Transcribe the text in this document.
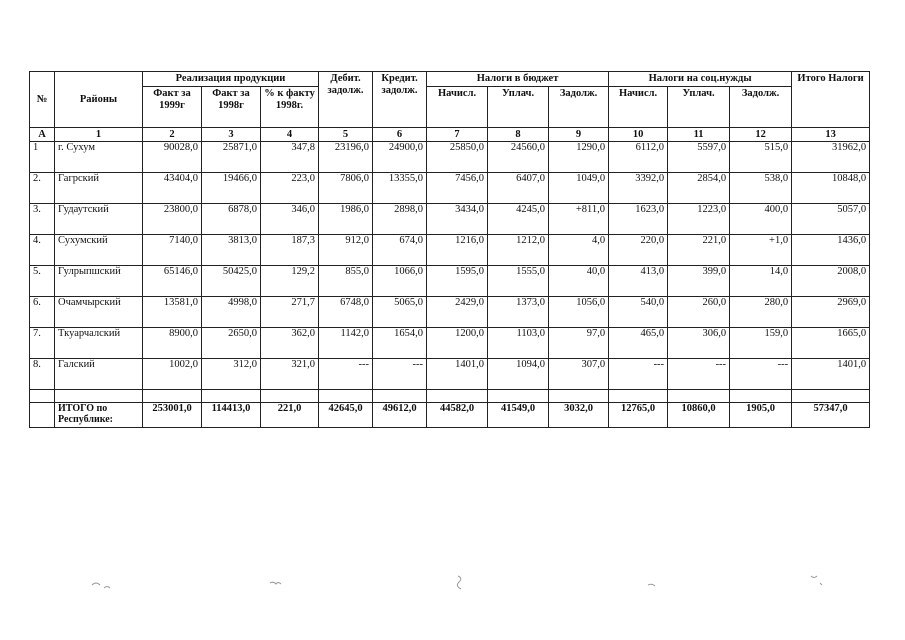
№	Районы	Реализация продукции			Дебит. задолж.	Кредит. задолж.	Налоги в бюджет			Налоги на соц.нужды			Итого Налоги
		Факт за 1999г	Факт за 1998г	% к факту 1998г.			Начисл.	Уплач.	Задолж.	Начисл.	Уплач.	Задолж.	
А	1	2	3	4	5	6	7	8	9	10	11	12	13
1	г. Сухум	90028,0	25871,0	347,8	23196,0	24900,0	25850,0	24560,0	1290,0	6112,0	5597,0	515,0	31962,0
2.	Гагрский	43404,0	19466,0	223,0	7806,0	13355,0	7456,0	6407,0	1049,0	3392,0	2854,0	538,0	10848,0
3.	Гудаутский	23800,0	6878,0	346,0	1986,0	2898,0	3434,0	4245,0	+811,0	1623,0	1223,0	400,0	5057,0
4.	Сухумский	7140,0	3813,0	187,3	912,0	674,0	1216,0	1212,0	4,0	220,0	221,0	+1,0	1436,0
5.	Гулрыпшский	65146,0	50425,0	129,2	855,0	1066,0	1595,0	1555,0	40,0	413,0	399,0	14,0	2008,0
6.	Очамчырский	13581,0	4998,0	271,7	6748,0	5065,0	2429,0	1373,0	1056,0	540,0	260,0	280,0	2969,0
7.	Ткуарчалский	8900,0	2650,0	362,0	1142,0	1654,0	1200,0	1103,0	97,0	465,0	306,0	159,0	1665,0
8.	Галский	1002,0	312,0	321,0	---	---	1401,0	1094,0	307,0	---	---	---	1401,0

	ИТОГО по Республике:	253001,0	114413,0	221,0	42645,0	49612,0	44582,0	41549,0	3032,0	12765,0	10860,0	1905,0	57347,0
